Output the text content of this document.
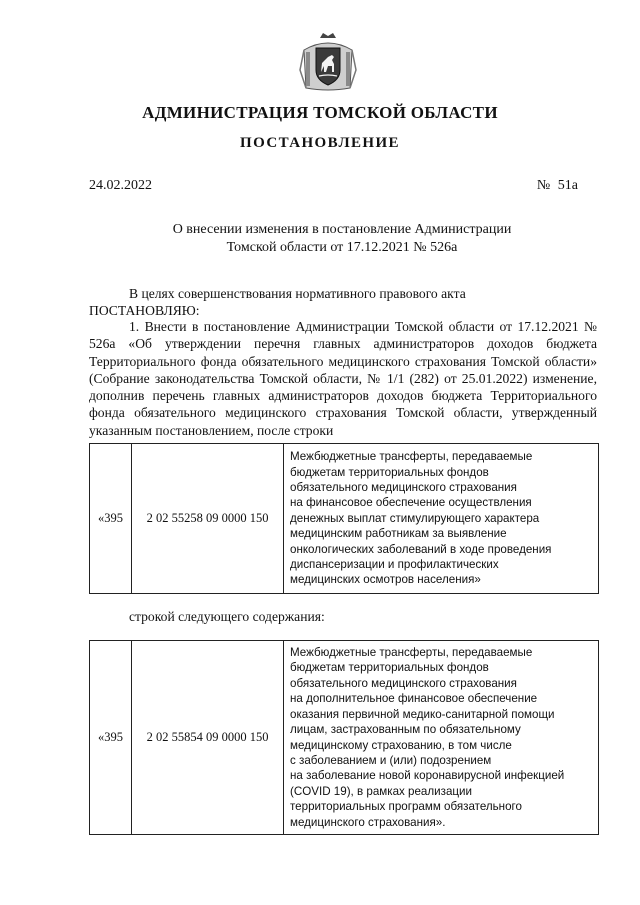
АДМИНИСТРАЦИЯ ТОМСКОЙ ОБЛАСТИ
ПОСТАНОВЛЕНИЕ
24.02.2022	№ 51а
О внесении изменения в постановление Администрации
Томской области от 17.12.2021 № 526а
В целях совершенствования нормативного правового акта
ПОСТАНОВЛЯЮ:
1. Внести в постановление Администрации Томской области от 17.12.2021 № 526а «Об утверждении перечня главных администраторов доходов бюджета Территориального фонда обязательного медицинского страхования Томской области» (Собрание законодательства Томской области, № 1/1 (282) от 25.01.2022) изменение, дополнив перечень главных администраторов доходов бюджета Территориального фонда обязательного медицинского страхования Томской области, утвержденный указанным постановлением, после строки
«395	2 02 55258 09 0000 150	
Межбюджетные трансферты, передаваемые
бюджетам территориальных фондов
обязательного медицинского страхования
на финансовое обеспечение осуществления
денежных выплат стимулирующего характера
медицинским работникам за выявление
онкологических заболеваний в ходе проведения
диспансеризации и профилактических
медицинских осмотров населения»
строкой следующего содержания:
«395	2 02 55854 09 0000 150	
Межбюджетные трансферты, передаваемые
бюджетам территориальных фондов
обязательного медицинского страхования
на дополнительное финансовое обеспечение
оказания первичной медико-санитарной помощи
лицам, застрахованным по обязательному
медицинскому страхованию, в том числе
с заболеванием и (или) подозрением
на заболевание новой коронавирусной инфекцией
(COVID 19), в рамках реализации
территориальных программ обязательного
медицинского страхования».
